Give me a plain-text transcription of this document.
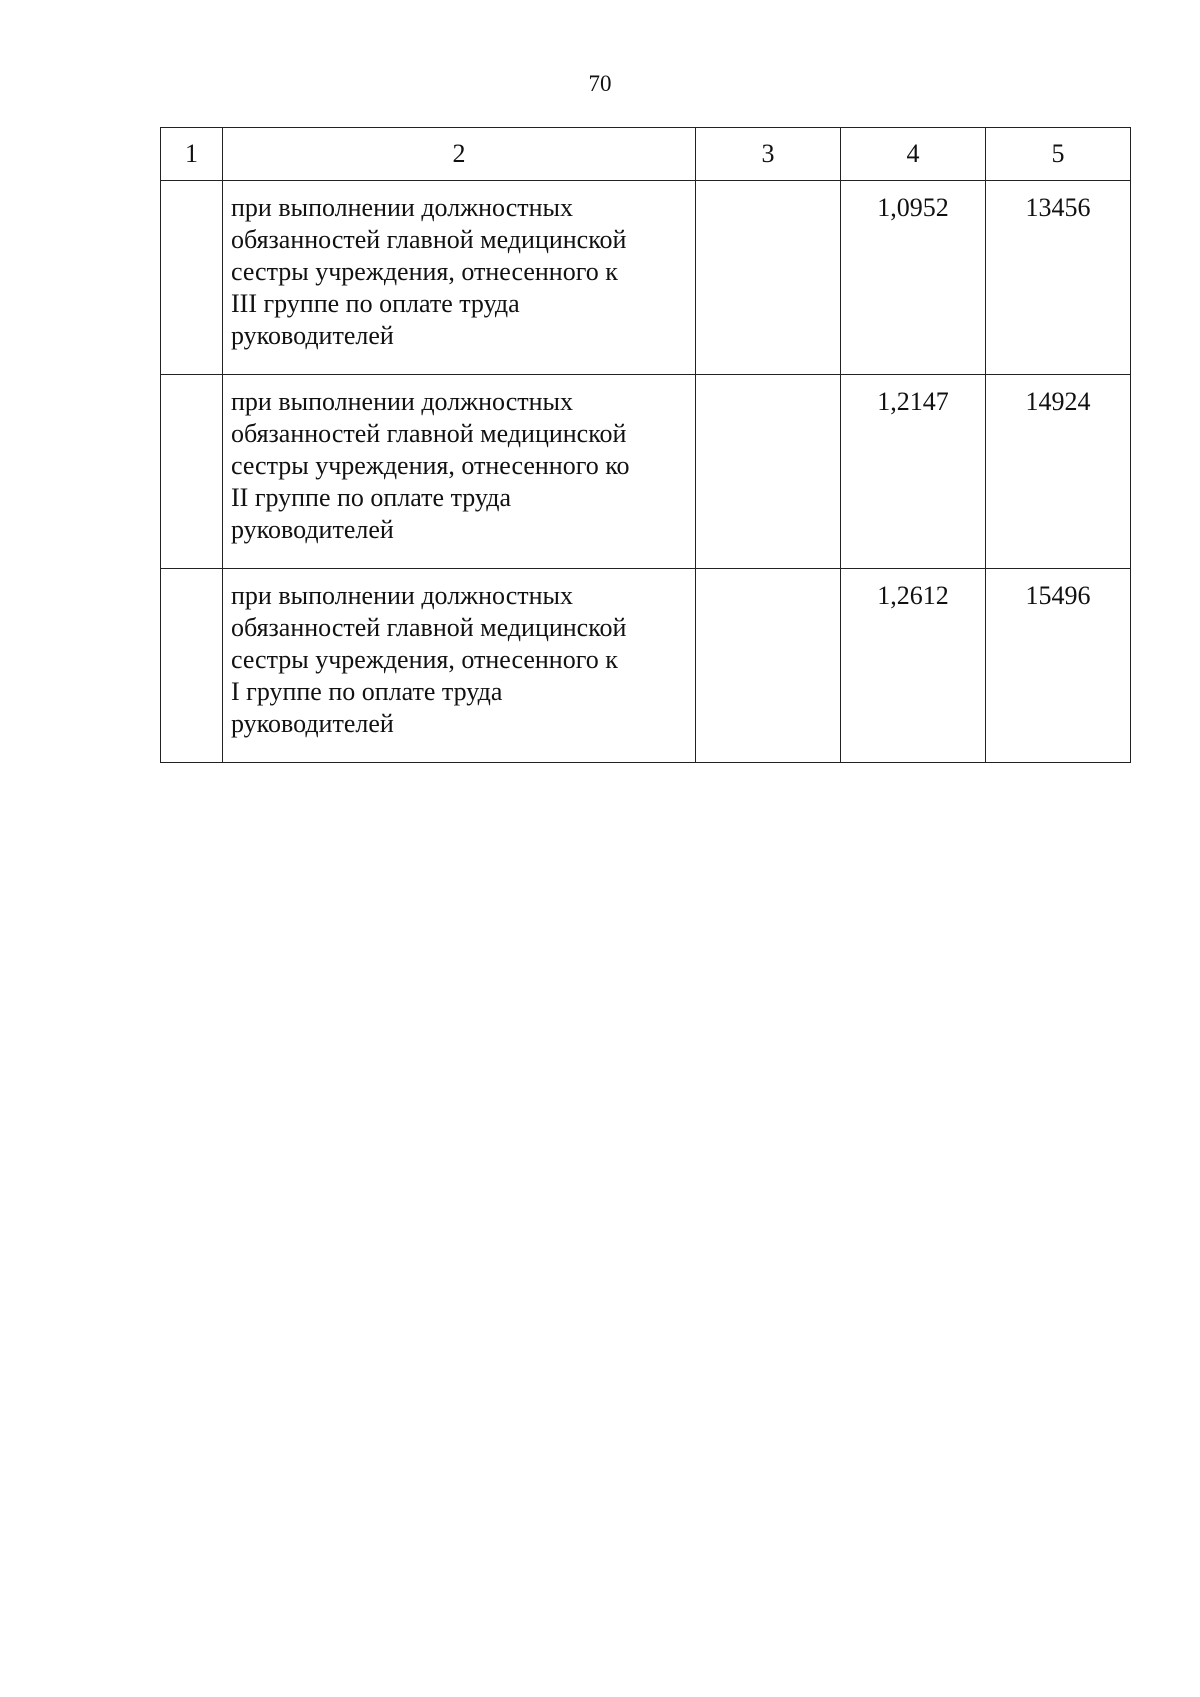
70
1	2	3	4	5
	при выполнении должностных
обязанностей главной медицинской
сестры учреждения, отнесенного к
III группе по оплате труда
руководителей		1,0952	13456
	при выполнении должностных
обязанностей главной медицинской
сестры учреждения, отнесенного ко
II группе по оплате труда
руководителей		1,2147	14924
	при выполнении должностных
обязанностей главной медицинской
сестры учреждения, отнесенного к
I группе по оплате труда
руководителей		1,2612	15496
